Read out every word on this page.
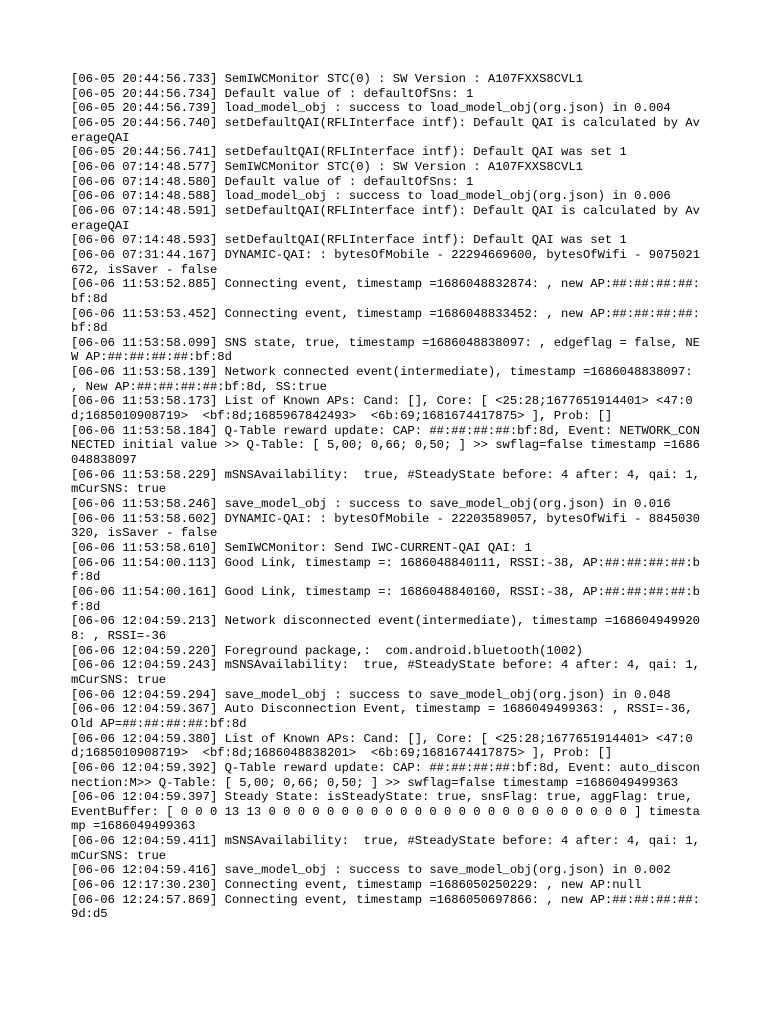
[06-05 20:44:56.733] SemIWCMonitor STC(0) : SW Version : A107FXXS8CVL1
[06-05 20:44:56.734] Default value of : defaultOfSns: 1
[06-05 20:44:56.739] load_model_obj : success to load_model_obj(org.json) in 0.004
[06-05 20:44:56.740] setDefaultQAI(RFLInterface intf): Default QAI is calculated by AverageQAI
[06-05 20:44:56.741] setDefaultQAI(RFLInterface intf): Default QAI was set 1
[06-06 07:14:48.577] SemIWCMonitor STC(0) : SW Version : A107FXXS8CVL1
[06-06 07:14:48.580] Default value of : defaultOfSns: 1
[06-06 07:14:48.588] load_model_obj : success to load_model_obj(org.json) in 0.006
[06-06 07:14:48.591] setDefaultQAI(RFLInterface intf): Default QAI is calculated by AverageQAI
[06-06 07:14:48.593] setDefaultQAI(RFLInterface intf): Default QAI was set 1
[06-06 07:31:44.167] DYNAMIC-QAI: : bytesOfMobile - 22294669600, bytesOfWifi - 9075021672, isSaver - false
[06-06 11:53:52.885] Connecting event, timestamp =1686048832874: , new AP:##:##:##:##:bf:8d
[06-06 11:53:53.452] Connecting event, timestamp =1686048833452: , new AP:##:##:##:##:bf:8d
[06-06 11:53:58.099] SNS state, true, timestamp =1686048838097: , edgeflag = false, NEW AP:##:##:##:##:bf:8d
[06-06 11:53:58.139] Network connected event(intermediate), timestamp =1686048838097: , New AP:##:##:##:##:bf:8d, SS:true
[06-06 11:53:58.173] List of Known APs: Cand: [], Core: [ <25:28;1677651914401> <47:0d;1685010908719>  <bf:8d;1685967842493>  <6b:69;1681674417875> ], Prob: []
[06-06 11:53:58.184] Q-Table reward update: CAP: ##:##:##:##:bf:8d, Event: NETWORK_CONNECTED initial value >> Q-Table: [ 5,00; 0,66; 0,50; ] >> swflag=false timestamp =1686048838097
[06-06 11:53:58.229] mSNSAvailability:  true, #SteadyState before: 4 after: 4, qai: 1, mCurSNS: true
[06-06 11:53:58.246] save_model_obj : success to save_model_obj(org.json) in 0.016
[06-06 11:53:58.602] DYNAMIC-QAI: : bytesOfMobile - 22203589057, bytesOfWifi - 8845030320, isSaver - false
[06-06 11:53:58.610] SemIWCMonitor: Send IWC-CURRENT-QAI QAI: 1
[06-06 11:54:00.113] Good Link, timestamp =: 1686048840111, RSSI:-38, AP:##:##:##:##:bf:8d
[06-06 11:54:00.161] Good Link, timestamp =: 1686048840160, RSSI:-38, AP:##:##:##:##:bf:8d
[06-06 12:04:59.213] Network disconnected event(intermediate), timestamp =1686049499208: , RSSI=-36
[06-06 12:04:59.220] Foreground package,:  com.android.bluetooth(1002)
[06-06 12:04:59.243] mSNSAvailability:  true, #SteadyState before: 4 after: 4, qai: 1, mCurSNS: true
[06-06 12:04:59.294] save_model_obj : success to save_model_obj(org.json) in 0.048
[06-06 12:04:59.367] Auto Disconnection Event, timestamp = 1686049499363: , RSSI=-36, Old AP=##:##:##:##:bf:8d
[06-06 12:04:59.380] List of Known APs: Cand: [], Core: [ <25:28;1677651914401> <47:0d;1685010908719>  <bf:8d;1686048838201>  <6b:69;1681674417875> ], Prob: []
[06-06 12:04:59.392] Q-Table reward update: CAP: ##:##:##:##:bf:8d, Event: auto_disconnection:M>> Q-Table: [ 5,00; 0,66; 0,50; ] >> swflag=false timestamp =1686049499363
[06-06 12:04:59.397] Steady State: isSteadyState: true, snsFlag: true, aggFlag: true, EventBuffer: [ 0 0 0 13 13 0 0 0 0 0 0 0 0 0 0 0 0 0 0 0 0 0 0 0 0 0 0 0 0 0 ] timestamp =1686049499363
[06-06 12:04:59.411] mSNSAvailability:  true, #SteadyState before: 4 after: 4, qai: 1, mCurSNS: true
[06-06 12:04:59.416] save_model_obj : success to save_model_obj(org.json) in 0.002
[06-06 12:17:30.230] Connecting event, timestamp =1686050250229: , new AP:null
[06-06 12:24:57.869] Connecting event, timestamp =1686050697866: , new AP:##:##:##:##:9d:d5
